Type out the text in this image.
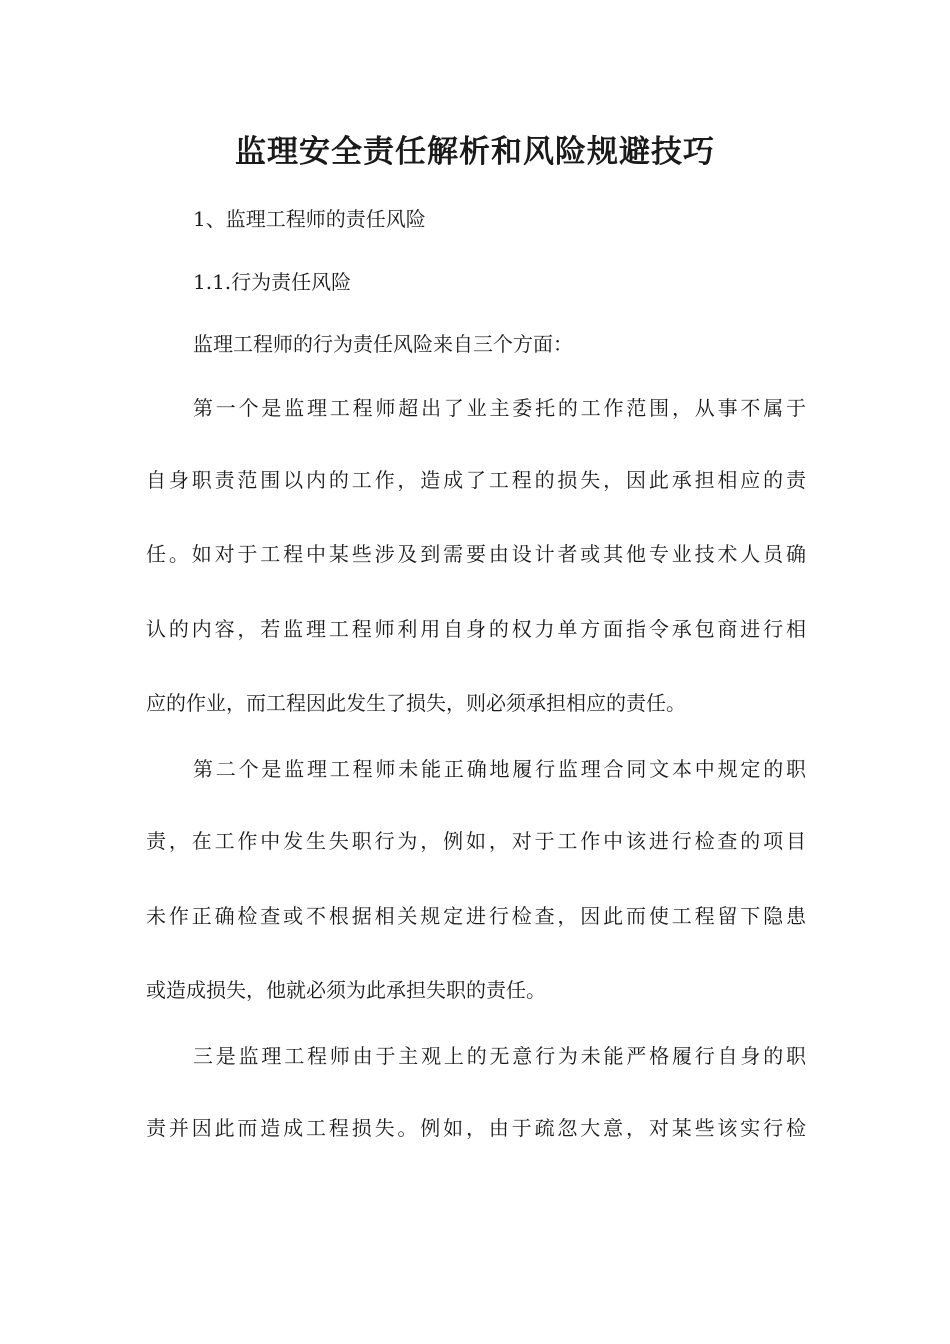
监理安全责任解析和风险规避技巧

1、监理工程师的责任风险

1.1.行为责任风险

监理工程师的行为责任风险来自三个方面：

第一个是监理工程师超出了业主委托的工作范围，从事不属于

自身职责范围以内的工作，造成了工程的损失，因此承担相应的责

任。如对于工程中某些涉及到需要由设计者或其他专业技术人员确

认的内容，若监理工程师利用自身的权力单方面指令承包商进行相

应的作业，而工程因此发生了损失，则必须承担相应的责任。

第二个是监理工程师未能正确地履行监理合同文本中规定的职

责，在工作中发生失职行为，例如，对于工作中该进行检查的项目

未作正确检查或不根据相关规定进行检查，因此而使工程留下隐患

或造成损失，他就必须为此承担失职的责任。

三是监理工程师由于主观上的无意行为未能严格履行自身的职

责并因此而造成工程损失。例如，由于疏忽大意，对某些该实行检
